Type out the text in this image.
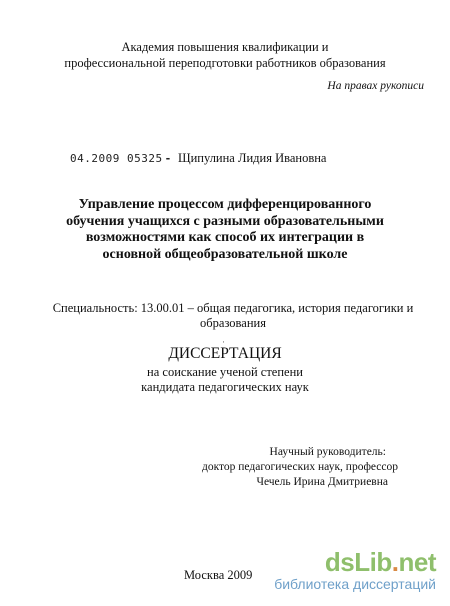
Академия повышения квалификации и
профессиональной переподготовки работников образования
На правах рукописи
04.2009 05325 - Щипулина Лидия Ивановна
Управление процессом дифференцированного
обучения учащихся с разными образовательными
возможностями как способ их интеграции в
основной общеобразовательной школе
Специальность: 13.00.01 – общая педагогика, история педагогики и
образования
·
ДИССЕРТАЦИЯ
на соискание ученой степени
кандидата педагогических наук
Научный руководитель:
доктор педагогических наук, профессор
Чечель Ирина Дмитриевна
Москва 2009	dsLib.net
библиотека диссертаций
